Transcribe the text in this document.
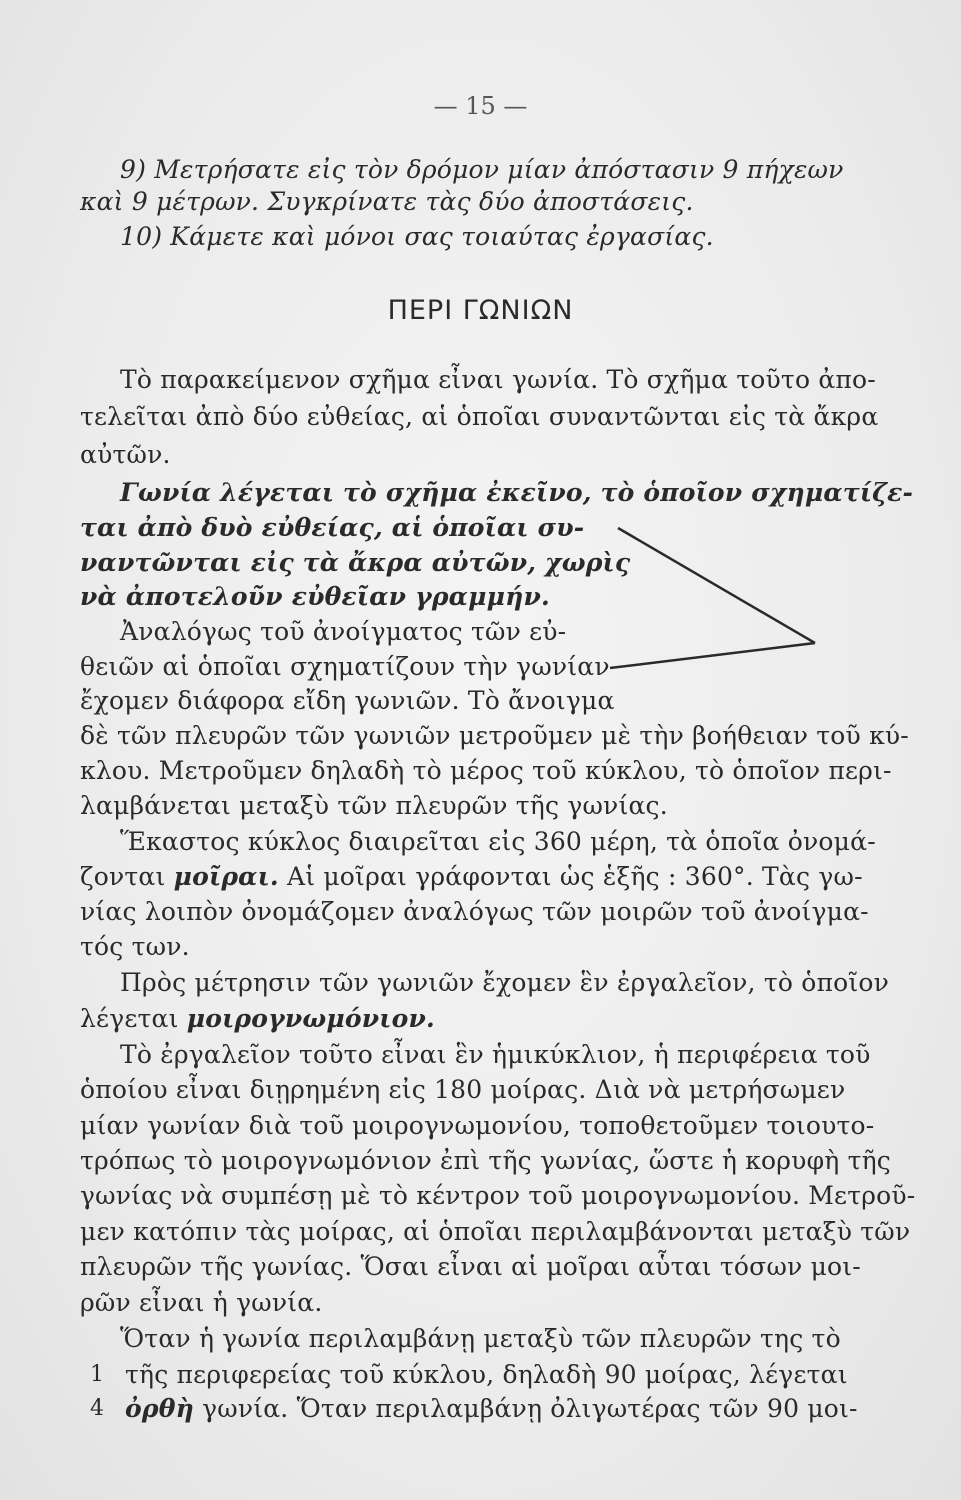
— 15 —
9) Μετρήσατε εἰς τὸν δρόμον μίαν ἀπόστασιν 9 πήχεων
καὶ 9 μέτρων. Συγκρίνατε τὰς δύο ἀποστάσεις.
10) Κάμετε καὶ μόνοι σας τοιαύτας ἐργασίας.
ΠΕΡΙ ΓΩΝΙΩΝ
Τὸ παρακείμενον σχῆμα εἶναι γωνία. Τὸ σχῆμα τοῦτο ἀπο-
τελεῖται ἀπὸ δύο εὐθείας, αἱ ὁποῖαι συναντῶνται εἰς τὰ ἄκρα
αὐτῶν.
Γωνία λέγεται τὸ σχῆμα ἐκεῖνο, τὸ ὁποῖον σχηματίζε-
ται ἀπὸ δυὸ εὐθείας, αἱ ὁποῖαι συ-
ναντῶνται εἰς τὰ ἄκρα αὐτῶν, χωρὶς
νὰ ἀποτελοῦν εὐθεῖαν γραμμήν.
Ἀναλόγως τοῦ ἀνοίγματος τῶν εὐ-
θειῶν αἱ ὁποῖαι σχηματίζουν τὴν γωνίαν
ἔχομεν διάφορα εἴδη γωνιῶν. Τὸ ἄνοιγμα
δὲ τῶν πλευρῶν τῶν γωνιῶν μετροῦμεν μὲ τὴν βοήθειαν τοῦ κύ-
κλου. Μετροῦμεν δηλαδὴ τὸ μέρος τοῦ κύκλου, τὸ ὁποῖον περι-
λαμβάνεται μεταξὺ τῶν πλευρῶν τῆς γωνίας.
Ἕκαστος κύκλος διαιρεῖται εἰς 360 μέρη, τὰ ὁποῖα ὀνομά-
ζονται μοῖραι. Αἱ μοῖραι γράφονται ὡς ἑξῆς : 360°. Τὰς γω-
νίας λοιπὸν ὀνομάζομεν ἀναλόγως τῶν μοιρῶν τοῦ ἀνοίγμα-
τός των.
Πρὸς μέτρησιν τῶν γωνιῶν ἔχομεν ἓν ἐργαλεῖον, τὸ ὁποῖον
λέγεται μοιρογνωμόνιον.
Τὸ ἐργαλεῖον τοῦτο εἶναι ἓν ἡμικύκλιον, ἡ περιφέρεια τοῦ
ὁποίου εἶναι διῃρημένη εἰς 180 μοίρας. Διὰ νὰ μετρήσωμεν
μίαν γωνίαν διὰ τοῦ μοιρογνωμονίου, τοποθετοῦμεν τοιουτο-
τρόπως τὸ μοιρογνωμόνιον ἐπὶ τῆς γωνίας, ὥστε ἡ κορυφὴ τῆς
γωνίας νὰ συμπέσῃ μὲ τὸ κέντρον τοῦ μοιρογνωμονίου. Μετροῦ-
μεν κατόπιν τὰς μοίρας, αἱ ὁποῖαι περιλαμβάνονται μεταξὺ τῶν
πλευρῶν τῆς γωνίας. Ὅσαι εἶναι αἱ μοῖραι αὗται τόσων μοι-
ρῶν εἶναι ἡ γωνία.
Ὅταν ἡ γωνία περιλαμβάνῃ μεταξὺ τῶν πλευρῶν της τὸ
1 τῆς περιφερείας τοῦ κύκλου, δηλαδὴ 90 μοίρας, λέγεται
4 ὀρθὴ γωνία. Ὅταν περιλαμβάνῃ ὀλιγωτέρας τῶν 90 μοι-
